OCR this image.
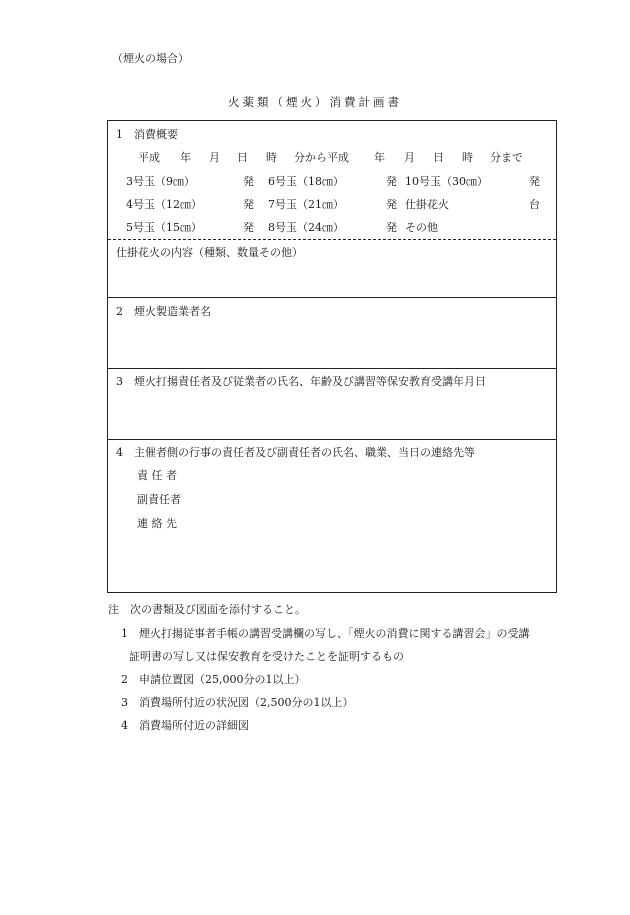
（煙火の場合）
火薬類（煙火）消費計画書
1　消費概要
平成 年 月 日 時 分から平成 年 月 日 時 分まで
3号玉（9㎝）	発 6号玉（18㎝）	発 10号玉（30㎝）	発
4号玉（12㎝）	発 7号玉（21㎝）	発 仕掛花火	台
5号玉（15㎝）	発 8号玉（24㎝）	発 その他
仕掛花火の内容（種類、数量その他）
2　煙火製造業者名
3　煙火打揚責任者及び従業者の氏名、年齢及び講習等保安教育受講年月日
4　主催者側の行事の責任者及び副責任者の氏名、職業、当日の連絡先等
責 任 者
副責任者
連 絡 先
注　次の書類及び図面を添付すること。
1　煙火打揚従事者手帳の講習受講欄の写し、「煙火の消費に関する講習会」の受講
証明書の写し又は保安教育を受けたことを証明するもの
2　申請位置図（25,000分の1以上）
3　消費場所付近の状況図（2,500分の1以上）
4　消費場所付近の詳細図
